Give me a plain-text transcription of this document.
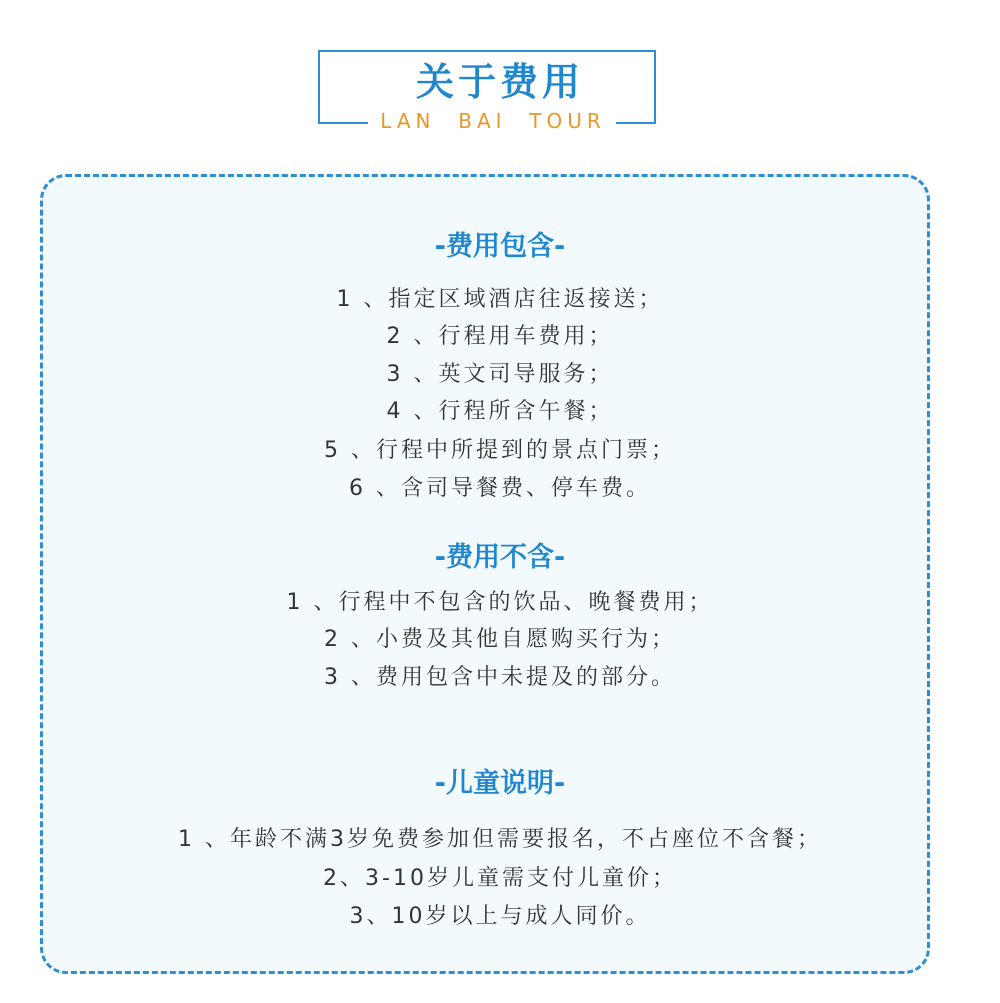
关于费用
LAN  BAI  TOUR
-费用包含-
1 、指定区域酒店往返接送；
2 、行程用车费用；
3 、英文司导服务；
4 、行程所含午餐；
5 、行程中所提到的景点门票；
6 、含司导餐费、停车费。
-费用不含-
1 、行程中不包含的饮品、晚餐费用；
2 、小费及其他自愿购买行为；
3 、费用包含中未提及的部分。
-儿童说明-
1 、年龄不满3岁免费参加但需要报名，不占座位不含餐；
2、3-10岁儿童需支付儿童价；
3、10岁以上与成人同价。
